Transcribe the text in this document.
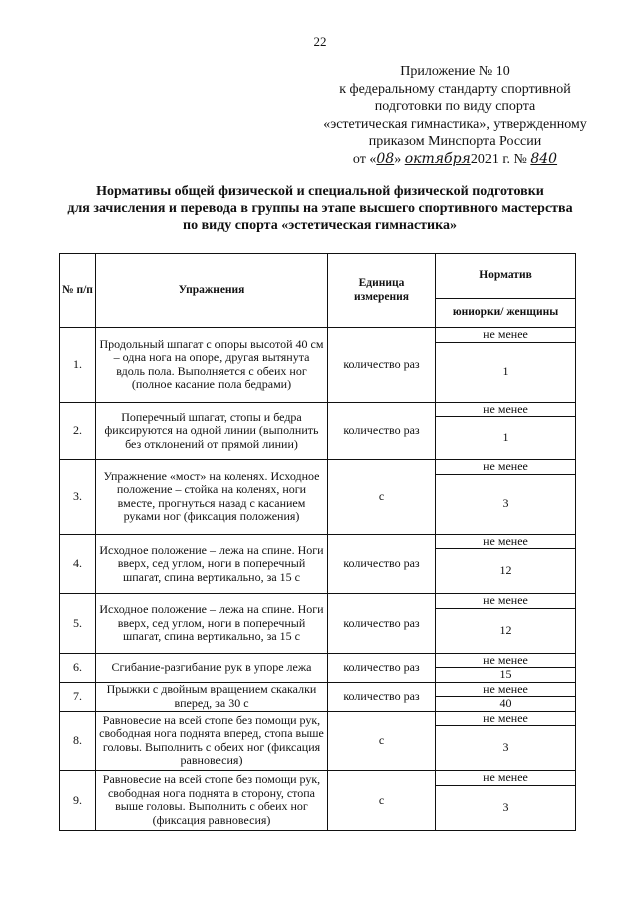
22
Приложение № 10
к федеральному стандарту спортивной
подготовки по виду спорта
«эстетическая гимнастика», утвержденному
приказом Минспорта России
от «08» октября2021 г. № 840
Нормативы общей физической и специальной физической подготовки
для зачисления и перевода в группы на этапе высшего спортивного мастерства
по виду спорта «эстетическая гимнастика»
№ п/п	Упражнения	Единица измерения	Норматив
			юниорки/ женщины
1.	Продольный шпагат с опоры высотой 40 см – одна нога на опоре, другая вытянута вдоль пола. Выполняется с обеих ног (полное касание пола бедрами)	количество раз	не менее
			1
2.	Поперечный шпагат, стопы и бедра фиксируются на одной линии (выполнить без отклонений от прямой линии)	количество раз	не менее
			1
3.	Упражнение «мост» на коленях. Исходное положение – стойка на коленях, ноги вместе, прогнуться назад с касанием руками ног (фиксация положения)	с	не менее
			3
4.	Исходное положение – лежа на спине. Ноги вверх, сед углом, ноги в поперечный шпагат, спина вертикально, за 15 с	количество раз	не менее
			12
5.	Исходное положение – лежа на спине. Ноги вверх, сед углом, ноги в поперечный шпагат, спина вертикально, за 15 с	количество раз	не менее
			12
6.	Сгибание-разгибание рук в упоре лежа	количество раз	не менее
			15
7.	Прыжки с двойным вращением скакалки вперед, за 30 с	количество раз	не менее
			40
8.	Равновесие на всей стопе без помощи рук, свободная нога поднята вперед, стопа выше головы. Выполнить с обеих ног (фиксация равновесия)	с	не менее
			3
9.	Равновесие на всей стопе без помощи рук, свободная нога поднята в сторону, стопа выше головы. Выполнить с обеих ног (фиксация равновесия)	с	не менее
			3
